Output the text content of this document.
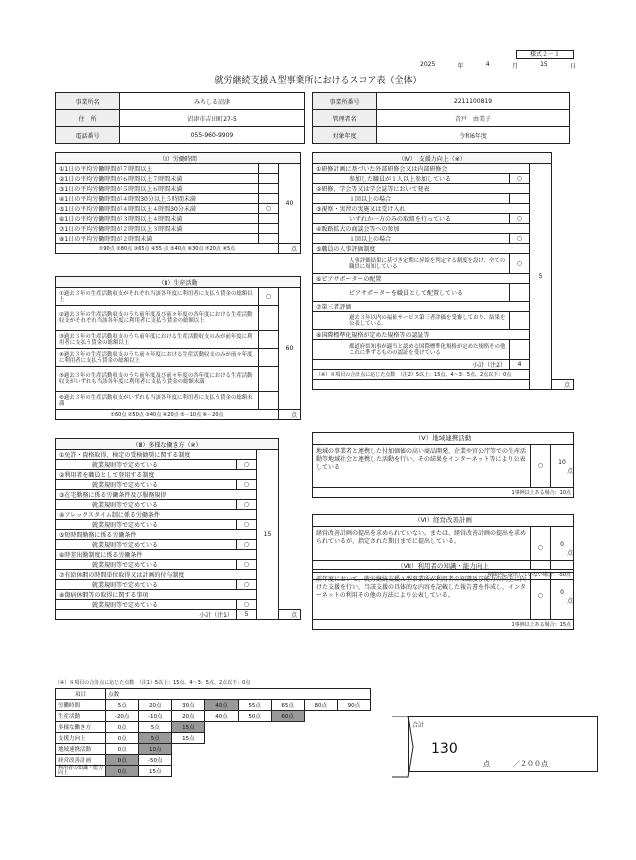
様式２－１
2025	年	4	月	15	日
就労継続支援Ａ型事業所におけるスコア表（全体）
事業所名	みちしる沼津
住　所	沼津市吉田町27-5
電話番号	055-960-9909
事業所番号	2211100819
管理者名	青戸　由美子
対象年度	令和6年度
（Ⅰ）労働時間		
①1日の平均労働時間が７時間以上		40

②1日の平均労働時間が６時間以上７時間未満		
③1日の平均労働時間が５時間以上６時間未満		
④1日の平均労働時間が４時間30分以上５時間未満		
⑤1日の平均労働時間が４時間以上４時間30分未満	○	
⑥1日の平均労働時間が３時間以上４時間未満		
⑦1日の平均労働時間が２時間以上３時間未満		
⑧1日の平均労働時間が２時間未満		
①90点 ②80点 ③65点 ④55 点 ⑤40点 ⑥30点 ⑦20点 ⑧5点		点
（Ⅱ）生産活動		
①過去３年の生産活動収支がそれぞれ当該各年度に利用者に支払う賃金の総額以上	○	60
②過去３年の生産活動収支のうち前年度及び前々年度の各年度における生産活動収支がそれぞれ当該各年度に利用者に支払う賃金の総額以上		
③過去３年の生産活動収支のうち前年度における生産活動収支のみが前年度に利用者に支払う賃金の総額以上		
④過去３年の生産活動収支のうち前々年度における生産活動収支のみが前々年度に利用者に支払う賃金の総額以上		
⑤過去３年の生産活動収支のうち前年度及び前々年度の各年度における生産活動収支がいずれも当該各年度に利用者に支払う賃金の総額未満		
⑥過去３年の生産活動収支がいずれも当該各年度に利用者に支払う賃金の総額未満		
①60点 ②50点 ③40点 ④20点 ⑤－10点 ⑥－20点		点
（Ⅲ）多様な働き方（※）			
①免許・資格取得、検定の受検勧奨に関する制度		15	
就業規則等で定めている	○		
②利用者を職員として登用する制度			
就業規則等で定めている	○		
③在宅勤務に係る労働条件及び服務規律			
就業規則等で定めている	○		
④フレックスタイム制に係る労働条件			
就業規則等で定めている	○		
⑤短時間勤務に係る労働条件			
就業規則等で定めている	○		
⑥時差出勤制度に係る労働条件			
就業規則等で定めている	○		
⑦有給休暇の時間単位取得又は計画的付与制度			
就業規則等で定めている	○		
⑧傷病休暇等の取得に関する事項			
就業規則等で定めている	○		
小計（注1）	5		点
（※）８項目の合計点に応じた点数　（注1）5以上：15点、4～3：5点、2点以下：0点
（Ⅳ）　支援力向上（※）			
①研修計画に基づいた外部研修会又は内部研修会		5	
参加した職員が１人以上参加している	○		
②研修、学会等又は学会誌等において発表			
１回以上の場合			
③視察・実習の実施又は受け入れ			
いずれか一方のみの取組を行っている	○		
④販路拡大の商談会等への参加			
１回以上の場合	○		
⑤職員の人事評価制度			
人事評価結果に基づき定期に昇給を判定する制度を設け、全ての職員に周知している	○		
⑥ピアサポーターの配置			
ピアサポーターを職員として配置している			
⑦第三者評価			
過去３年以内の福祉サービス第三者評価を受審しており、結果を公表している。			
⑧国際標準化規格が定めた規格等の認証等			
都道府県知事が適当と認める国際標準化規格が定めた規格その他これに準ずるものの認証を受けている			
小計（注2）	4		
（※）８項目の合計点に応じた点数　（注2）5以上：15点、4～3：5点、2点以下：0点			
			点
（Ⅴ）地域連携活動
地域の事業者と連携した付加価値の高い商品開発、企業や官公庁等での生産活動等地域社会と連携した活動を行い、その結果をインターネット等により公表している	○	10
点
1事例以上ある場合：10点
（Ⅵ）経営改善計画
経営改善計画の提出を求められていない。または、経営改善計画の提出を求められているが、指定された期日までに提出している。
○	0
点
期限内に提出していない場合：-50点
（Ⅶ）利用者の知識・能力向上
前年度において、就労継続支援Ａ型事業所が利用者の知識及び能力の向上に向けた支援を行い、当該支援の具体的な内容を記載した報告書を作成し、インターネットの利用その他の方法により公表している。	○	0
点
1事例以上ある場合：15点
項目	点数							
労働時間	5点	20点	30点	40点	55点	65点	80点	90点
生産活動	-20点	-10点	20点	40点	50点	60点		
多様な働き方	0点	5点	15点					
支援力向上	0点	5点	15点					
地域連携活動	0点	10点						
経営改善計画	0点	-50点						
利用者の知識・能力向上	0点	15点						
合計
130
点	／２００点
